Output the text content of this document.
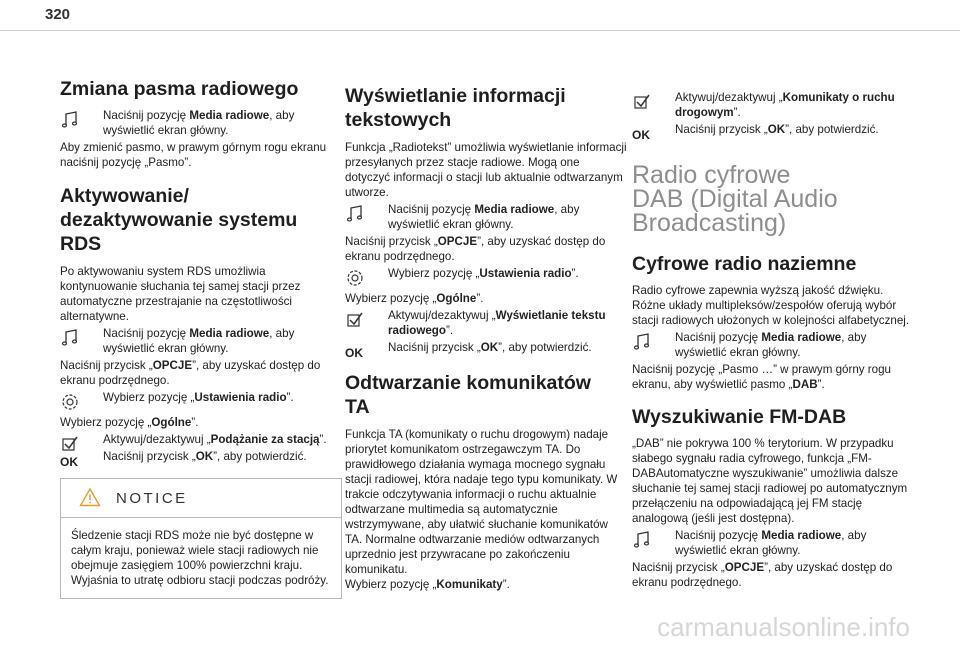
320
Zmiana pasma radiowego
Naciśnij pozycję Media radiowe, aby wyświetlić ekran główny.
Aby zmienić pasmo, w prawym górnym rogu ekranu naciśnij pozycję „Pasmo”.
Aktywowanie/
dezaktywowanie systemu
RDS
Po aktywowaniu system RDS umożliwia kontynuowanie słuchania tej samej stacji przez automatyczne przestrajanie na częstotliwości alternatywne.
Naciśnij pozycję Media radiowe, aby wyświetlić ekran główny.
Naciśnij przycisk „OPCJE”, aby uzyskać dostęp do ekranu podrzędnego.
Wybierz pozycję „Ustawienia radio”.
Wybierz pozycję „Ogólne”.
Aktywuj/dezaktywuj „Podążanie za stacją”.
OK Naciśnij przycisk „OK”, aby potwierdzić.
NOTICE
Śledzenie stacji RDS może nie być dostępne w całym kraju, ponieważ wiele stacji radiowych nie obejmuje zasięgiem 100% powierzchni kraju. Wyjaśnia to utratę odbioru stacji podczas podróży.
Wyświetlanie informacji
tekstowych
Funkcja „Radiotekst” umożliwia wyświetlanie informacji przesyłanych przez stacje radiowe. Mogą one dotyczyć informacji o stacji lub aktualnie odtwarzanym utworze.
Naciśnij pozycję Media radiowe, aby wyświetlić ekran główny.
Naciśnij przycisk „OPCJE”, aby uzyskać dostęp do ekranu podrzędnego.
Wybierz pozycję „Ustawienia radio”.
Wybierz pozycję „Ogólne”.
Aktywuj/dezaktywuj „Wyświetlanie tekstu radiowego”.
OK Naciśnij przycisk „OK”, aby potwierdzić.
Odtwarzanie komunikatów
TA
Funkcja TA (komunikaty o ruchu drogowym) nadaje priorytet komunikatom ostrzegawczym TA. Do prawidłowego działania wymaga mocnego sygnału stacji radiowej, która nadaje tego typu komunikaty. W trakcie odczytywania informacji o ruchu aktualnie odtwarzane multimedia są automatycznie wstrzymywane, aby ułatwić słuchanie komunikatów TA. Normalne odtwarzanie mediów odtwarzanych uprzednio jest przywracane po zakończeniu komunikatu.
Wybierz pozycję „Komunikaty”.
Aktywuj/dezaktywuj „Komunikaty o ruchu drogowym”.
OK Naciśnij przycisk „OK”, aby potwierdzić.
Radio cyfrowe
DAB (Digital Audio
Broadcasting)
Cyfrowe radio naziemne
Radio cyfrowe zapewnia wyższą jakość dźwięku. Różne układy multipleksów/zespołów oferują wybór stacji radiowych ułożonych w kolejności alfabetycznej.
Naciśnij pozycję Media radiowe, aby wyświetlić ekran główny.
Naciśnij pozycję „Pasmo …” w prawym górny rogu ekranu, aby wyświetlić pasmo „DAB”.
Wyszukiwanie FM-DAB
„DAB” nie pokrywa 100 % terytorium. W przypadku słabego sygnału radia cyfrowego, funkcja „FM-DABAutomatyczne wyszukiwanie” umożliwia dalsze słuchanie tej samej stacji radiowej po automatycznym przełączeniu na odpowiadającą jej FM stację analogową (jeśli jest dostępna).
Naciśnij pozycję Media radiowe, aby wyświetlić ekran główny.
Naciśnij przycisk „OPCJE”, aby uzyskać dostęp do ekranu podrzędnego.
carmanualsonline.info
